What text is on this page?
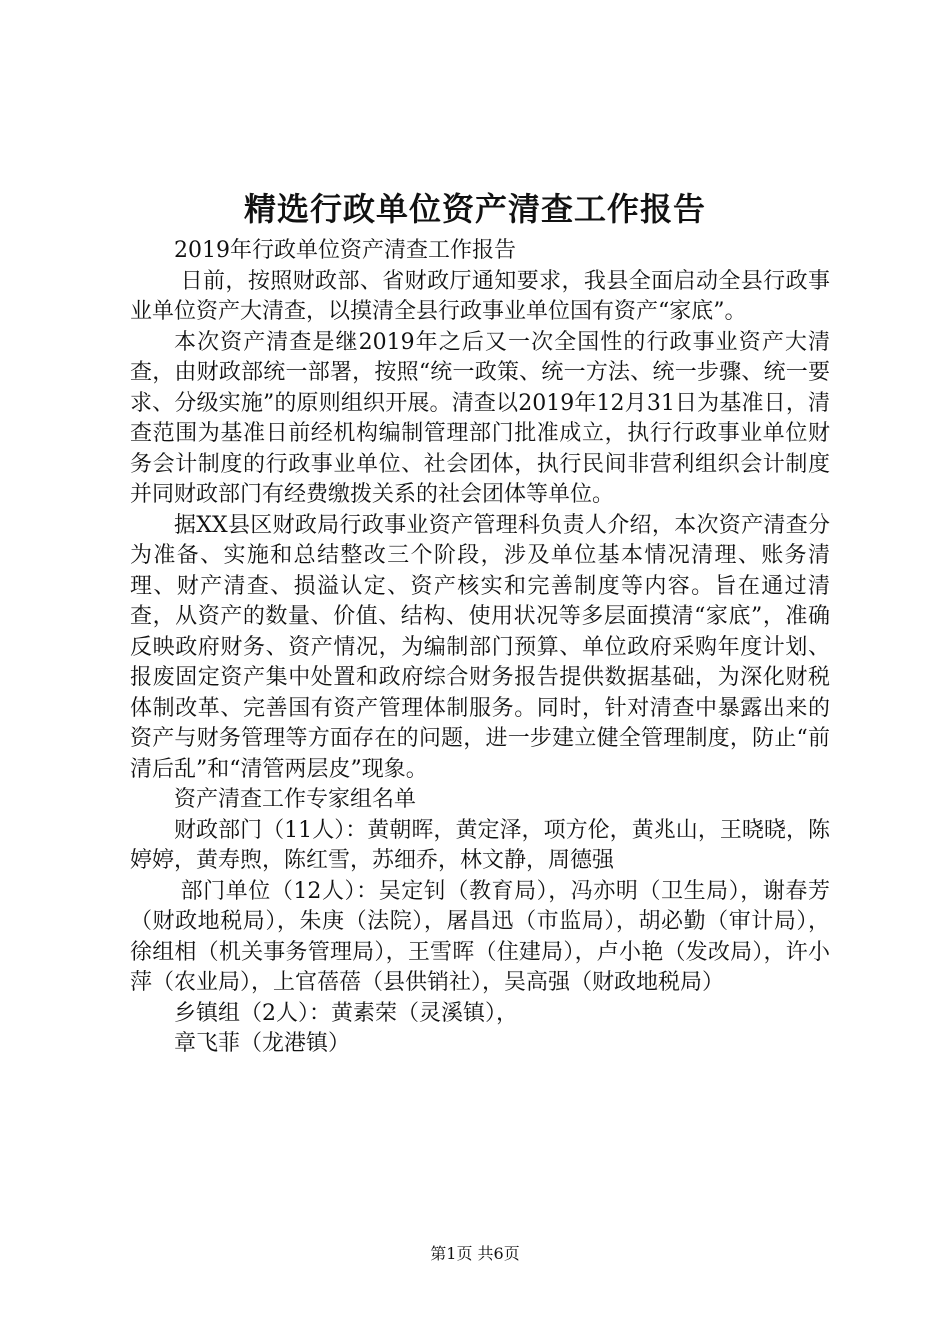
精选行政单位资产清查工作报告

2019年行政单位资产清查工作报告

日前，按照财政部、省财政厅通知要求，我县全面启动全县行政事业单位资产大清查，以摸清全县行政事业单位国有资产“家底”。

本次资产清查是继2019年之后又一次全国性的行政事业资产大清查，由财政部统一部署，按照“统一政策、统一方法、统一步骤、统一要求、分级实施”的原则组织开展。清查以2019年12月31日为基准日，清查范围为基准日前经机构编制管理部门批准成立，执行行政事业单位财务会计制度的行政事业单位、社会团体，执行民间非营利组织会计制度并同财政部门有经费缴拨关系的社会团体等单位。

据XX县区财政局行政事业资产管理科负责人介绍，本次资产清查分为准备、实施和总结整改三个阶段，涉及单位基本情况清理、账务清理、财产清查、损溢认定、资产核实和完善制度等内容。旨在通过清查，从资产的数量、价值、结构、使用状况等多层面摸清“家底”，准确反映政府财务、资产情况，为编制部门预算、单位政府采购年度计划、报废固定资产集中处置和政府综合财务报告提供数据基础，为深化财税体制改革、完善国有资产管理体制服务。同时，针对清查中暴露出来的资产与财务管理等方面存在的问题，进一步建立健全管理制度，防止“前清后乱”和“清管两层皮”现象。

资产清查工作专家组名单

财政部门（11人）：黄朝晖，黄定泽，项方伦，黄兆山，王晓晓，陈婷婷，黄寿煦，陈红雪，苏细乔，林文静，周德强

部门单位（12人）：吴定钊（教育局），冯亦明（卫生局），谢春芳（财政地税局），朱庚（法院），屠昌迅（市监局），胡必勤（审计局），徐组相（机关事务管理局），王雪晖（住建局），卢小艳（发改局），许小萍（农业局），上官蓓蓓（县供销社），吴高强（财政地税局）

乡镇组（2人）：黄素荣（灵溪镇），

章飞菲（龙港镇）

第1页 共6页
